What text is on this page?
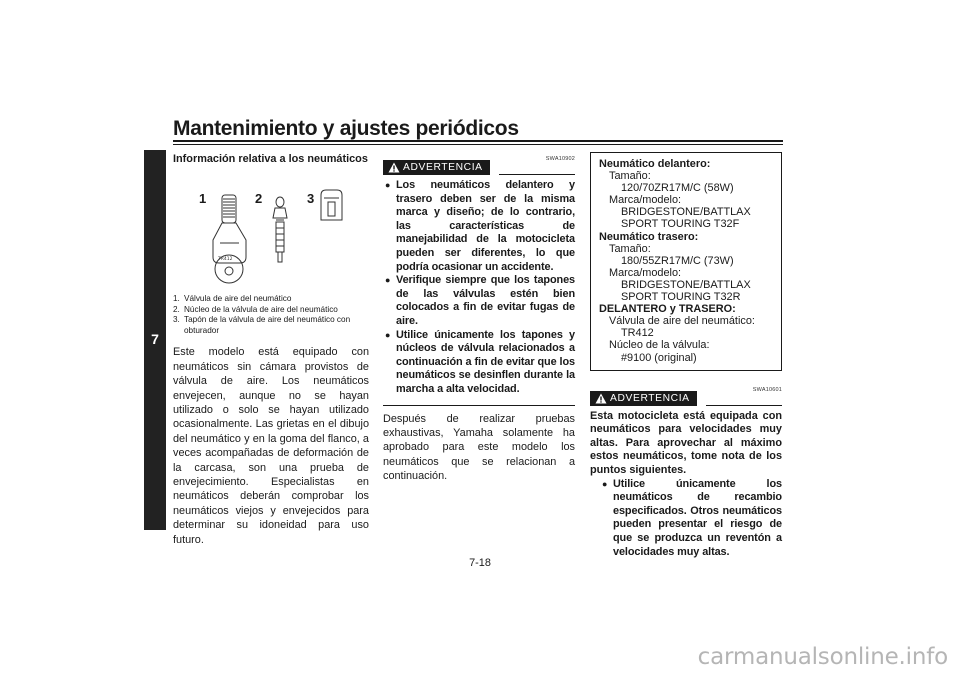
Mantenimiento y ajustes periódicos
7
Información relativa a los neumáticos
1	2	3
TR412
1. Válvula de aire del neumático
2. Núcleo de la válvula de aire del neumático
3. Tapón de la válvula de aire del neumático con obturador

Este modelo está equipado con neumáticos sin cámara provistos de válvula de aire. Los neumáticos envejecen, aunque no se hayan utilizado o solo se hayan utilizado ocasionalmente. Las grietas en el dibujo del neumático y en la goma del flanco, a veces acompañadas de deformación de la carcasa, son una prueba de envejecimiento. Especialistas en neumáticos deberán comprobar los neumáticos viejos y envejecidos para determinar su idoneidad para uso futuro.

SWA10902
ADVERTENCIA
● Los neumáticos delantero y trasero deben ser de la misma marca y diseño; de lo contrario, las características de manejabilidad de la motocicleta pueden ser diferentes, lo que podría ocasionar un accidente.
● Verifique siempre que los tapones de las válvulas estén bien colocados a fin de evitar fugas de aire.
● Utilice únicamente los tapones y núcleos de válvula relacionados a continuación a fin de evitar que los neumáticos se desinflen durante la marcha a alta velocidad.

Después de realizar pruebas exhaustivas, Yamaha solamente ha aprobado para este modelo los neumáticos que se relacionan a continuación.

Neumático delantero:
Tamaño:
120/70ZR17M/C (58W)
Marca/modelo:
BRIDGESTONE/BATTLAX
SPORT TOURING T32F
Neumático trasero:
Tamaño:
180/55ZR17M/C (73W)
Marca/modelo:
BRIDGESTONE/BATTLAX
SPORT TOURING T32R
DELANTERO y TRASERO:
Válvula de aire del neumático:
TR412
Núcleo de la válvula:
#9100 (original)
SWA10601
ADVERTENCIA

Esta motocicleta está equipada con neumáticos para velocidades muy altas. Para aprovechar al máximo estos neumáticos, tome nota de los puntos siguientes.

● Utilice únicamente los neumáticos de recambio especificados. Otros neumáticos pueden presentar el riesgo de que se produzca un reventón a velocidades muy altas.
7-18
carmanualsonline.info
